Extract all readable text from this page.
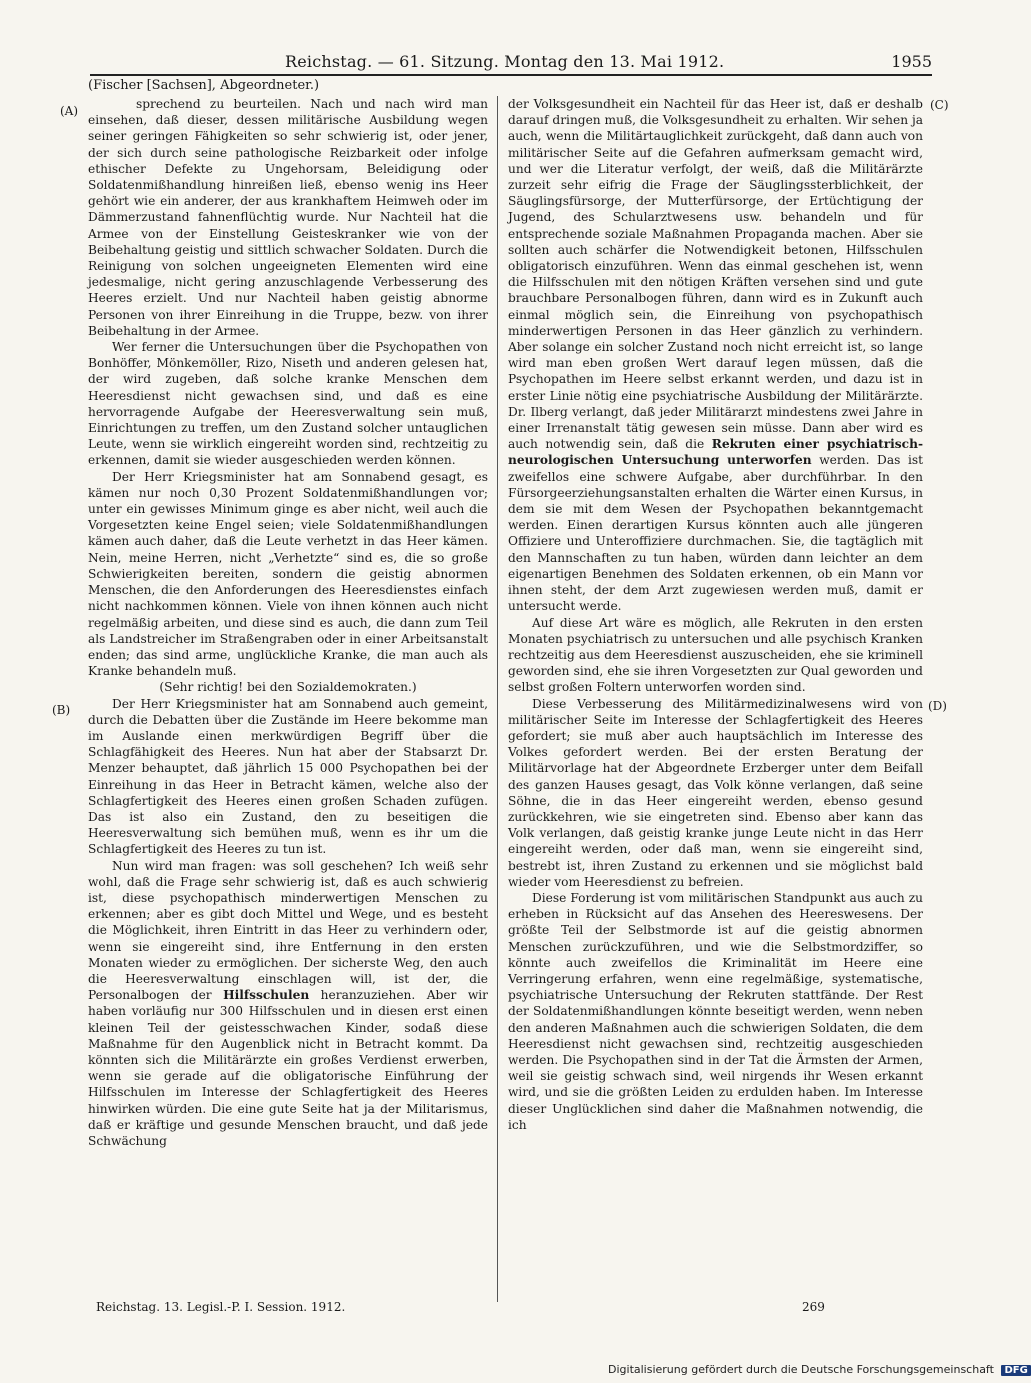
Reichstag. — 61. Sitzung. Montag den 13. Mai 1912.	1955
(Fischer [Sachsen], Abgeordneter.)
(A)
(B)
(C)
(D)

sprechend zu beurteilen. Nach und nach wird man einsehen, daß dieser, dessen militärische Ausbildung wegen seiner geringen Fähigkeiten so sehr schwierig ist, oder jener, der sich durch seine pathologische Reizbarkeit oder infolge ethischer Defekte zu Ungehorsam, Beleidigung oder Soldatenmißhandlung hinreißen ließ, ebenso wenig ins Heer gehört wie ein anderer, der aus krankhaftem Heimweh oder im Dämmerzustand fahnenflüchtig wurde. Nur Nachteil hat die Armee von der Einstellung Geisteskranker wie von der Beibehaltung geistig und sittlich schwacher Soldaten. Durch die Reinigung von solchen ungeeigneten Elementen wird eine jedesmalige, nicht gering anzuschlagende Verbesserung des Heeres erzielt. Und nur Nachteil haben geistig abnorme Personen von ihrer Einreihung in die Truppe, bezw. von ihrer Beibehaltung in der Armee.

Wer ferner die Untersuchungen über die Psychopathen von Bonhöffer, Mönkemöller, Rizo, Niseth und anderen gelesen hat, der wird zugeben, daß solche kranke Menschen dem Heeresdienst nicht gewachsen sind, und daß es eine hervorragende Aufgabe der Heeresverwaltung sein muß, Einrichtungen zu treffen, um den Zustand solcher untauglichen Leute, wenn sie wirklich eingereiht worden sind, rechtzeitig zu erkennen, damit sie wieder ausgeschieden werden können.

Der Herr Kriegsminister hat am Sonnabend gesagt, es kämen nur noch 0,30 Prozent Soldatenmißhandlungen vor; unter ein gewisses Minimum ginge es aber nicht, weil auch die Vorgesetzten keine Engel seien; viele Soldatenmißhandlungen kämen auch daher, daß die Leute verhetzt in das Heer kämen. Nein, meine Herren, nicht „Verhetzte“ sind es, die so große Schwierigkeiten bereiten, sondern die geistig abnormen Menschen, die den Anforderungen des Heeresdienstes einfach nicht nachkommen können. Viele von ihnen können auch nicht regelmäßig arbeiten, und diese sind es auch, die dann zum Teil als Landstreicher im Straßengraben oder in einer Arbeitsanstalt enden; das sind arme, unglückliche Kranke, die man auch als Kranke behandeln muß.

(Sehr richtig! bei den Sozialdemokraten.)

Der Herr Kriegsminister hat am Sonnabend auch gemeint, durch die Debatten über die Zustände im Heere bekomme man im Auslande einen merkwürdigen Begriff über die Schlagfähigkeit des Heeres. Nun hat aber der Stabsarzt Dr. Menzer behauptet, daß jährlich 15 000 Psychopathen bei der Einreihung in das Heer in Betracht kämen, welche also der Schlagfertigkeit des Heeres einen großen Schaden zufügen. Das ist also ein Zustand, den zu beseitigen die Heeresverwaltung sich bemühen muß, wenn es ihr um die Schlagfertigkeit des Heeres zu tun ist.

Nun wird man fragen: was soll geschehen? Ich weiß sehr wohl, daß die Frage sehr schwierig ist, daß es auch schwierig ist, diese psychopathisch minderwertigen Menschen zu erkennen; aber es gibt doch Mittel und Wege, und es besteht die Möglichkeit, ihren Eintritt in das Heer zu verhindern oder, wenn sie eingereiht sind, ihre Entfernung in den ersten Monaten wieder zu ermöglichen. Der sicherste Weg, den auch die Heeresverwaltung einschlagen will, ist der, die Personalbogen der Hilfsschulen heranzuziehen. Aber wir haben vorläufig nur 300 Hilfsschulen und in diesen erst einen kleinen Teil der geistesschwachen Kinder, sodaß diese Maßnahme für den Augenblick nicht in Betracht kommt. Da könnten sich die Militärärzte ein großes Verdienst erwerben, wenn sie gerade auf die obligatorische Einführung der Hilfsschulen im Interesse der Schlagfertigkeit des Heeres hinwirken würden. Die eine gute Seite hat ja der Militarismus, daß er kräftige und gesunde Menschen braucht, und daß jede Schwächung

der Volksgesundheit ein Nachteil für das Heer ist, daß er deshalb darauf dringen muß, die Volksgesundheit zu erhalten. Wir sehen ja auch, wenn die Militärtauglichkeit zurückgeht, daß dann auch von militärischer Seite auf die Gefahren aufmerksam gemacht wird, und wer die Literatur verfolgt, der weiß, daß die Militärärzte zurzeit sehr eifrig die Frage der Säuglingssterblichkeit, der Säuglingsfürsorge, der Mutterfürsorge, der Ertüchtigung der Jugend, des Schularztwesens usw. behandeln und für entsprechende soziale Maßnahmen Propaganda machen. Aber sie sollten auch schärfer die Notwendigkeit betonen, Hilfsschulen obligatorisch einzuführen. Wenn das einmal geschehen ist, wenn die Hilfsschulen mit den nötigen Kräften versehen sind und gute brauchbare Personalbogen führen, dann wird es in Zukunft auch einmal möglich sein, die Einreihung von psychopathisch minderwertigen Personen in das Heer gänzlich zu verhindern. Aber solange ein solcher Zustand noch nicht erreicht ist, so lange wird man eben großen Wert darauf legen müssen, daß die Psychopathen im Heere selbst erkannt werden, und dazu ist in erster Linie nötig eine psychiatrische Ausbildung der Militärärzte. Dr. Ilberg verlangt, daß jeder Militärarzt mindestens zwei Jahre in einer Irrenanstalt tätig gewesen sein müsse. Dann aber wird es auch notwendig sein, daß die Rekruten einer psychiatrisch-neurologischen Untersuchung unterworfen werden. Das ist zweifellos eine schwere Aufgabe, aber durchführbar. In den Fürsorgeerziehungsanstalten erhalten die Wärter einen Kursus, in dem sie mit dem Wesen der Psychopathen bekanntgemacht werden. Einen derartigen Kursus könnten auch alle jüngeren Offiziere und Unteroffiziere durchmachen. Sie, die tagtäglich mit den Mannschaften zu tun haben, würden dann leichter an dem eigenartigen Benehmen des Soldaten erkennen, ob ein Mann vor ihnen steht, der dem Arzt zugewiesen werden muß, damit er untersucht werde.

Auf diese Art wäre es möglich, alle Rekruten in den ersten Monaten psychiatrisch zu untersuchen und alle psychisch Kranken rechtzeitig aus dem Heeresdienst auszuscheiden, ehe sie kriminell geworden sind, ehe sie ihren Vorgesetzten zur Qual geworden und selbst großen Foltern unterworfen worden sind.

Diese Verbesserung des Militärmedizinalwesens wird von militärischer Seite im Interesse der Schlagfertigkeit des Heeres gefordert; sie muß aber auch hauptsächlich im Interesse des Volkes gefordert werden. Bei der ersten Beratung der Militärvorlage hat der Abgeordnete Erzberger unter dem Beifall des ganzen Hauses gesagt, das Volk könne verlangen, daß seine Söhne, die in das Heer eingereiht werden, ebenso gesund zurückkehren, wie sie eingetreten sind. Ebenso aber kann das Volk verlangen, daß geistig kranke junge Leute nicht in das Herr eingereiht werden, oder daß man, wenn sie eingereiht sind, bestrebt ist, ihren Zustand zu erkennen und sie möglichst bald wieder vom Heeresdienst zu befreien.

Diese Forderung ist vom militärischen Standpunkt aus auch zu erheben in Rücksicht auf das Ansehen des Heereswesens. Der größte Teil der Selbstmorde ist auf die geistig abnormen Menschen zurückzuführen, und wie die Selbstmordziffer, so könnte auch zweifellos die Kriminalität im Heere eine Verringerung erfahren, wenn eine regelmäßige, systematische, psychiatrische Untersuchung der Rekruten stattfände. Der Rest der Soldatenmißhandlungen könnte beseitigt werden, wenn neben den anderen Maßnahmen auch die schwierigen Soldaten, die dem Heeresdienst nicht gewachsen sind, rechtzeitig ausgeschieden werden. Die Psychopathen sind in der Tat die Ärmsten der Armen, weil sie geistig schwach sind, weil nirgends ihr Wesen erkannt wird, und sie die größten Leiden zu erdulden haben. Im Interesse dieser Unglücklichen sind daher die Maßnahmen notwendig, die ich

Reichstag. 13. Legisl.-P. I. Session. 1912.	269
Digitalisierung gefördert durch die Deutsche Forschungsgemeinschaft DFG
